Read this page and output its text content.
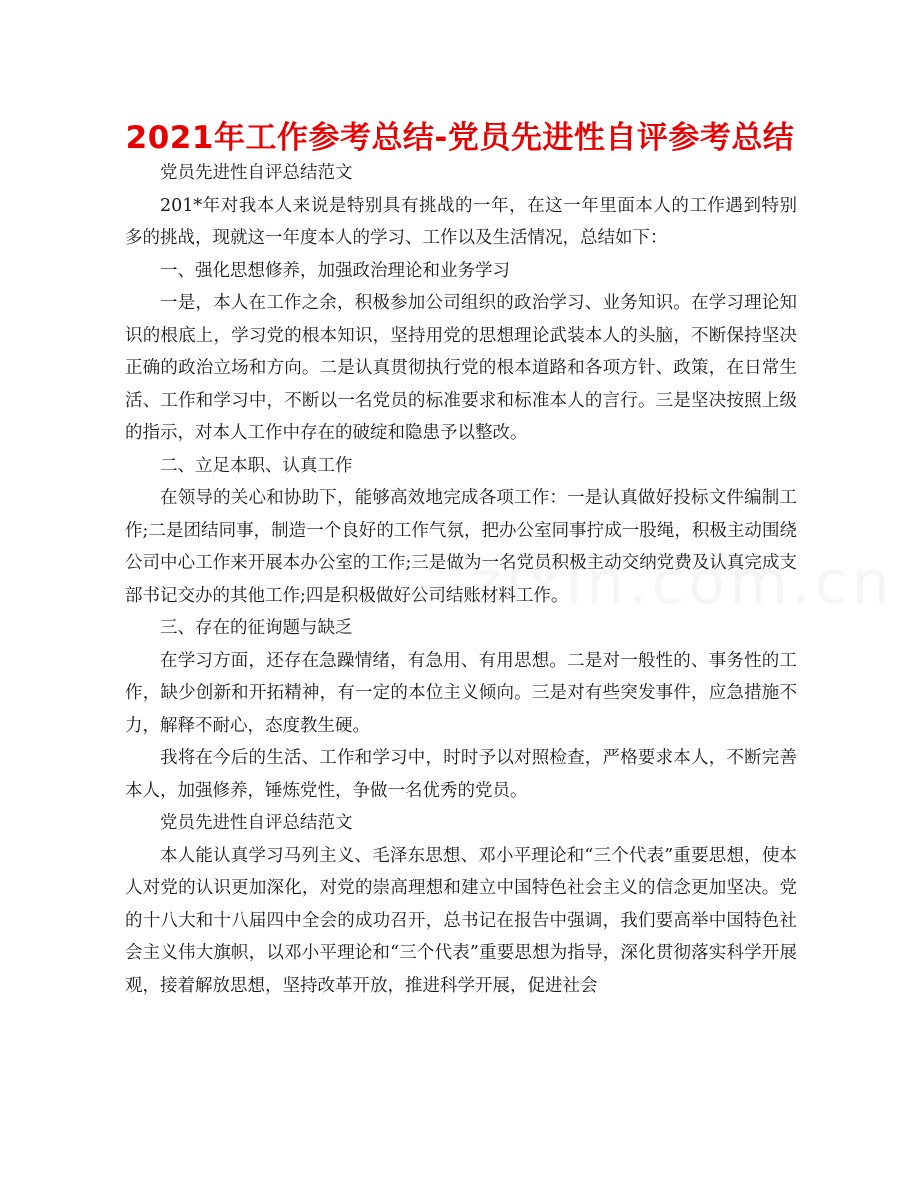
2021年工作参考总结-党员先进性自评参考总结

党员先进性自评总结范文

201*年对我本人来说是特别具有挑战的一年，在这一年里面本人的工作遇到特别多的挑战，现就这一年度本人的学习、工作以及生活情况，总结如下：

一、强化思想修养，加强政治理论和业务学习

一是，本人在工作之余，积极参加公司组织的政治学习、业务知识。在学习理论知识的根底上，学习党的根本知识，坚持用党的思想理论武装本人的头脑，不断保持坚决正确的政治立场和方向。二是认真贯彻执行党的根本道路和各项方针、政策，在日常生活、工作和学习中，不断以一名党员的标准要求和标准本人的言行。三是坚决按照上级的指示，对本人工作中存在的破绽和隐患予以整改。

二、立足本职、认真工作

在领导的关心和协助下，能够高效地完成各项工作：一是认真做好投标文件编制工作;二是团结同事，制造一个良好的工作气氛，把办公室同事拧成一股绳，积极主动围绕公司中心工作来开展本办公室的工作;三是做为一名党员积极主动交纳党费及认真完成支部书记交办的其他工作;四是积极做好公司结账材料工作。

三、存在的征询题与缺乏

在学习方面，还存在急躁情绪，有急用、有用思想。二是对一般性的、事务性的工作，缺少创新和开拓精神，有一定的本位主义倾向。三是对有些突发事件，应急措施不力，解释不耐心，态度教生硬。

我将在今后的生活、工作和学习中，时时予以对照检查，严格要求本人，不断完善本人，加强修养，锤炼党性，争做一名优秀的党员。

党员先进性自评总结范文

本人能认真学习马列主义、毛泽东思想、邓小平理论和“三个代表”重要思想，使本人对党的认识更加深化，对党的崇高理想和建立中国特色社会主义的信念更加坚决。党的十八大和十八届四中全会的成功召开，总书记在报告中强调，我们要高举中国特色社会主义伟大旗帜，以邓小平理论和“三个代表”重要思想为指导，深化贯彻落实科学开展观，接着解放思想，坚持改革开放，推进科学开展，促进社会
